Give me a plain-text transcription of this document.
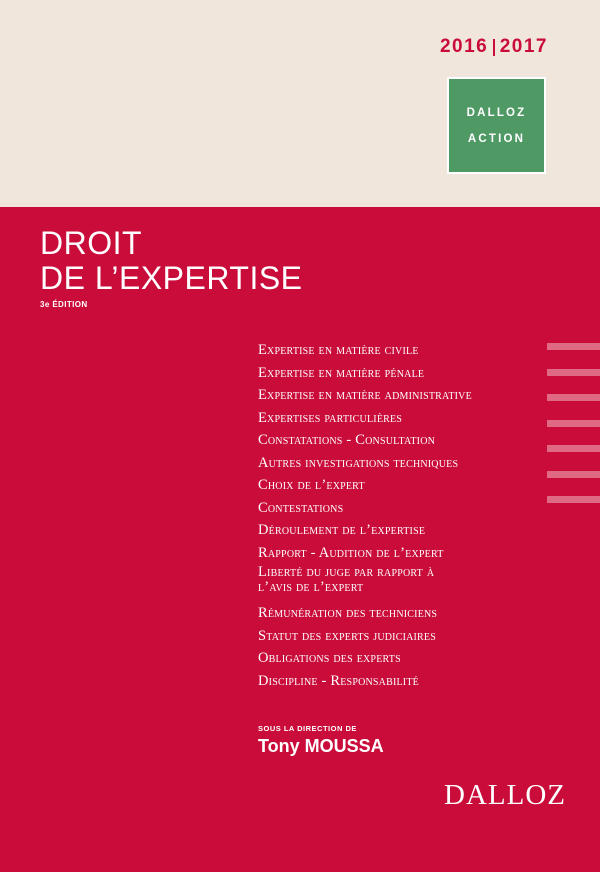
2016 2017
DALLOZ
ACTION
DROIT
DE L’EXPERTISE
3e ÉDITION
Expertise en matière civile
Expertise en matière pénale
Expertise en matière administrative
Expertises particulières
Constatations - Consultation
Autres investigations techniques
Choix de l’expert
Contestations
Déroulement de l’expertise
Rapport - Audition de l’expert
Liberté du juge par rapport à l’avis de l’expert
Rémunération des techniciens
Statut des experts judiciaires
Obligations des experts
Discipline - Responsabilité
SOUS LA DIRECTION DE
Tony MOUSSA
DALLOZ
